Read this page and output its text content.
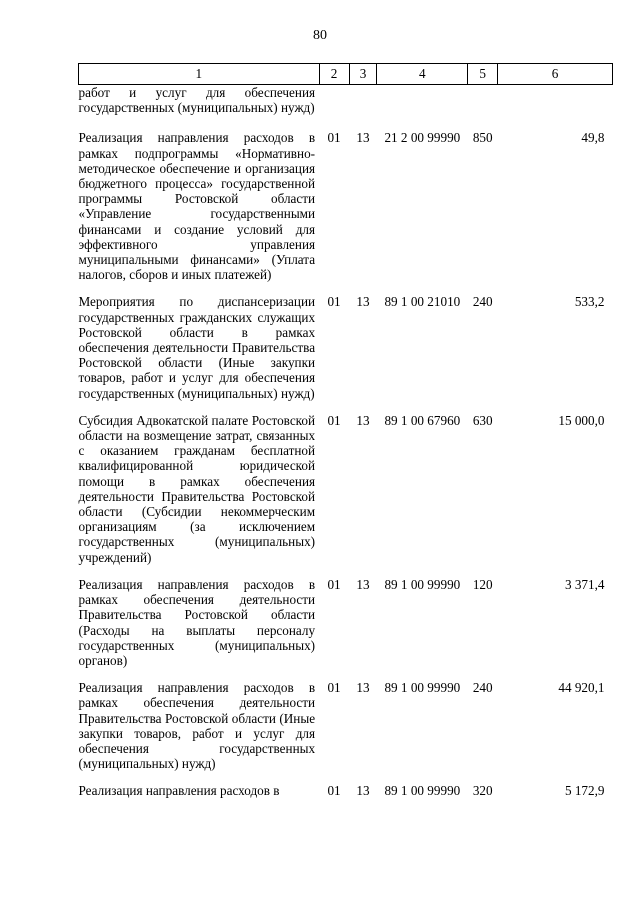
80
1	2	3	4	5	6
работ и услуг для обеспечения государственных (муниципальных) нужд)					
Реализация направления расходов в рамках подпрограммы «Нормативно-методическое обеспечение и организация бюджетного процесса» государственной программы Ростовской области «Управление государственными финансами и создание условий для эффективного управления муниципальными финансами» (Уплата налогов, сборов и иных платежей)	01	13	21 2 00 99990	850	49,8
Мероприятия по диспансеризации государственных гражданских служащих Ростовской области в рамках обеспечения деятельности Правительства Ростовской области (Иные закупки товаров, работ и услуг для обеспечения государственных (муниципальных) нужд)	01	13	89 1 00 21010	240	533,2
Субсидия Адвокатской палате Ростовской области на возмещение затрат, связанных с оказанием гражданам бесплатной квалифицированной юридической помощи в рамках обеспечения деятельности Правительства Ростовской области (Субсидии некоммерческим организациям (за исключением государственных (муниципальных) учреждений)	01	13	89 1 00 67960	630	15 000,0
Реализация направления расходов в рамках обеспечения деятельности Правительства Ростовской области (Расходы на выплаты персоналу государственных (муниципальных) органов)	01	13	89 1 00 99990	120	3 371,4
Реализация направления расходов в рамках обеспечения деятельности Правительства Ростовской области (Иные закупки товаров, работ и услуг для обеспечения государственных (муниципальных) нужд)	01	13	89 1 00 99990	240	44 920,1
Реализация направления расходов в	01	13	89 1 00 99990	320	5 172,9
